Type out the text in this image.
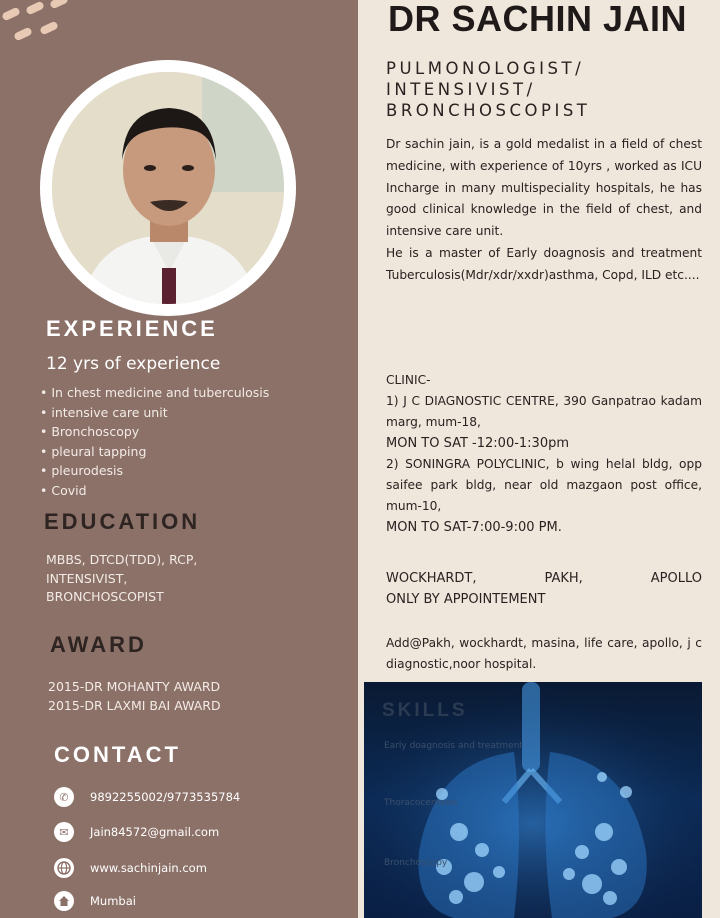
EXPERIENCE
12 yrs of experience
• In chest medicine and tuberculosis
• intensive care unit
• Bronchoscopy
• pleural tapping
• pleurodesis
• Covid
EDUCATION
MBBS, DTCD(TDD), RCP,
INTENSIVIST,
BRONCHOSCOPIST
AWARD
2015-DR MOHANTY AWARD
2015-DR LAXMI BAI AWARD
CONTACT
✆	9892255002/9773535784
✉	Jain84572@gmail.com
www.sachinjain.com
Mumbai
DR SACHIN JAIN
PULMONOLOGIST/
INTENSIVIST/
BRONCHOSCOPIST

Dr sachin jain, is a gold medalist in a field of chest medicine, with experience of 10yrs , worked as ICU Incharge in many multispeciality hospitals, he has good clinical knowledge in the field of chest, and intensive care unit.

He is a master of Early doagnosis and treatment Tuberculosis(Mdr/xdr/xxdr)asthma, Copd, ILD etc....

CLINIC-

1) J C DIAGNOSTIC CENTRE, 390 Ganpatrao kadam marg, mum-18,

MON TO SAT -12:00-1:30pm

2) SONINGRA POLYCLINIC, b wing helal bldg, opp saifee park bldg, near old mazgaon post office, mum-10,

MON TO SAT-7:00-9:00 PM.

WOCKHARDT,	PAKH,	APOLLO
ONLY BY APPOINTEMENT
Add@Pakh, wockhardt, masina, life care, apollo, j c diagnostic,noor hospital.
SKILLS
Early doagnosis and treatment
Thoracocentesis
Bronchoscopy
